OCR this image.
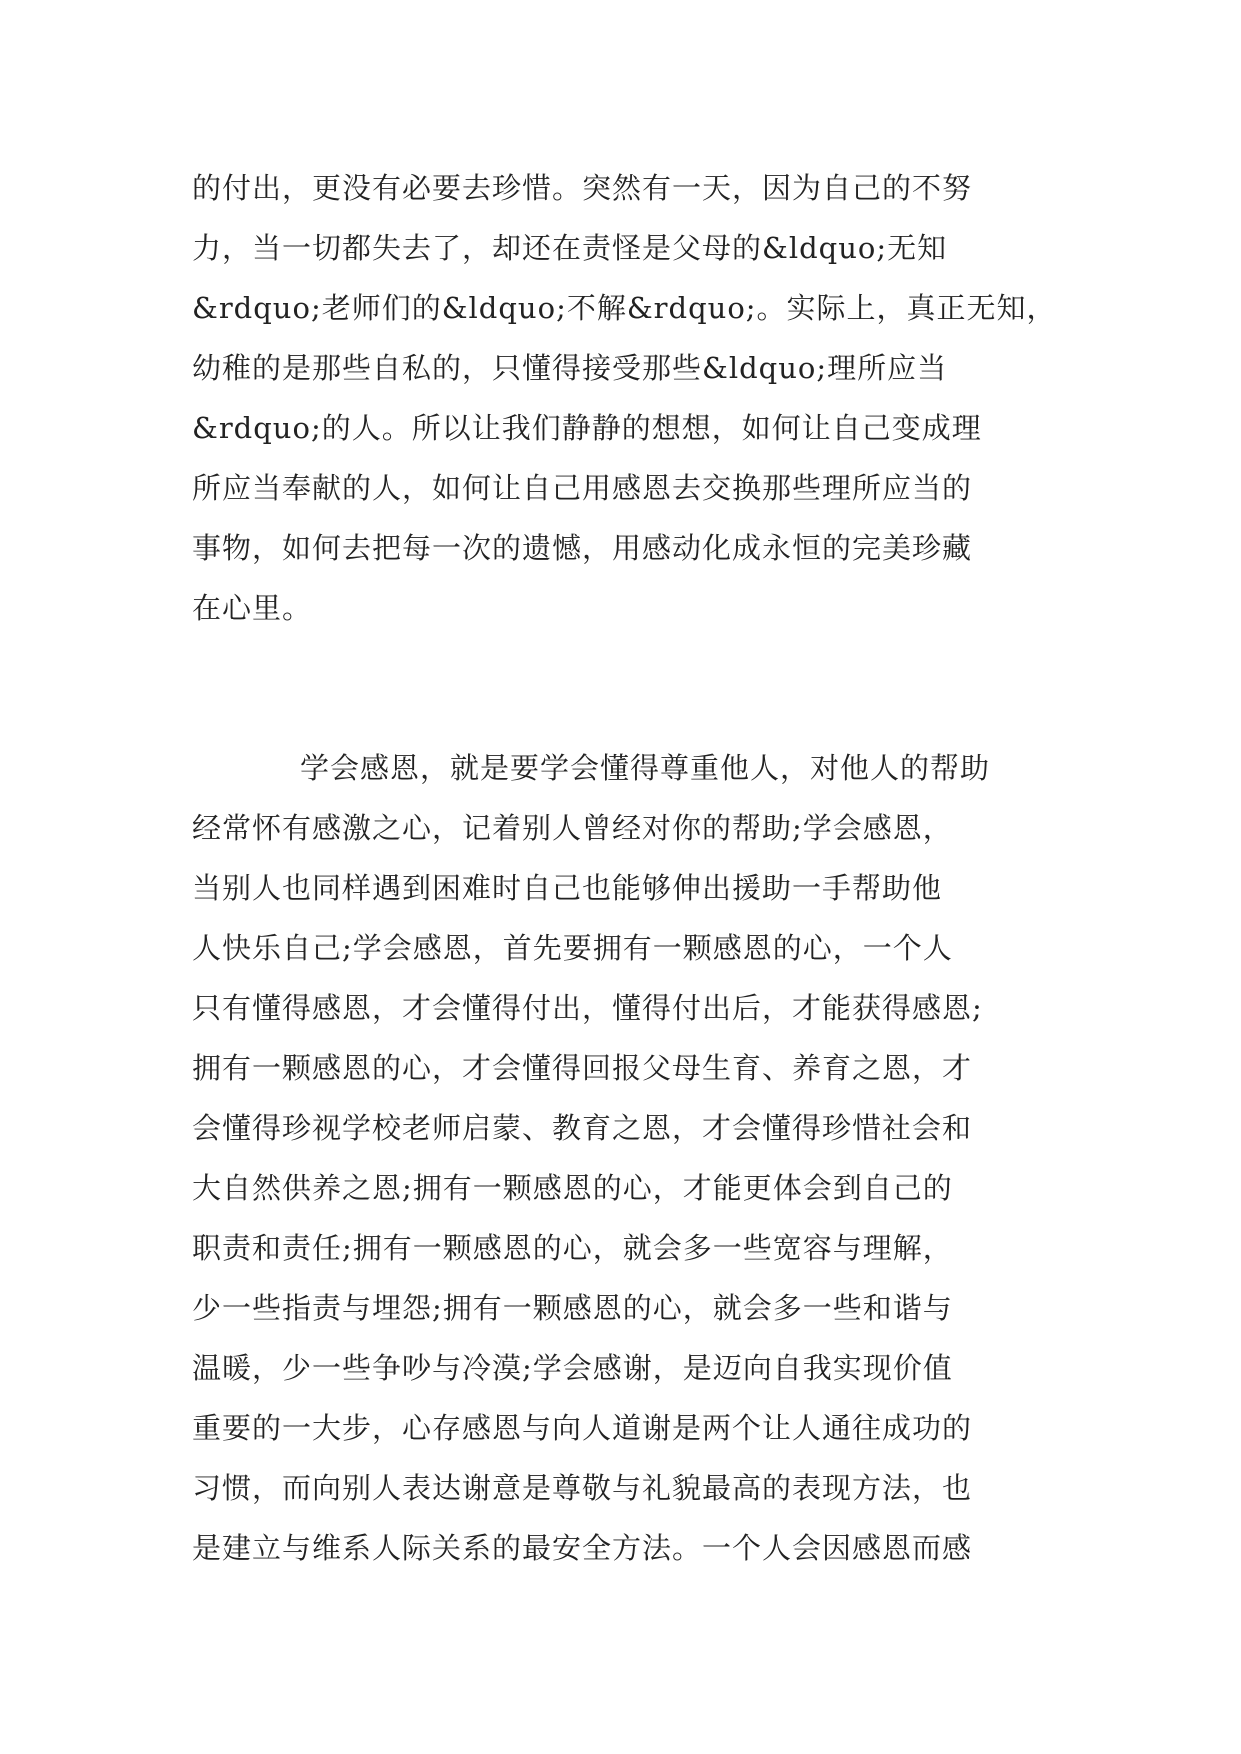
的付出，更没有必要去珍惜。突然有一天，因为自己的不努
力，当一切都失去了，却还在责怪是父母的&ldquo;无知
&rdquo;老师们的&ldquo;不解&rdquo;。实际上，真正无知，
幼稚的是那些自私的，只懂得接受那些&ldquo;理所应当
&rdquo;的人。所以让我们静静的想想，如何让自己变成理
所应当奉献的人，如何让自己用感恩去交换那些理所应当的
事物，如何去把每一次的遗憾，用感动化成永恒的完美珍藏
在心里。
学会感恩，就是要学会懂得尊重他人，对他人的帮助
经常怀有感激之心，记着别人曾经对你的帮助;学会感恩，
当别人也同样遇到困难时自己也能够伸出援助一手帮助他
人快乐自己;学会感恩，首先要拥有一颗感恩的心，一个人
只有懂得感恩，才会懂得付出，懂得付出后，才能获得感恩;
拥有一颗感恩的心，才会懂得回报父母生育、养育之恩，才
会懂得珍视学校老师启蒙、教育之恩，才会懂得珍惜社会和
大自然供养之恩;拥有一颗感恩的心，才能更体会到自己的
职责和责任;拥有一颗感恩的心，就会多一些宽容与理解，
少一些指责与埋怨;拥有一颗感恩的心，就会多一些和谐与
温暖，少一些争吵与冷漠;学会感谢，是迈向自我实现价值
重要的一大步，心存感恩与向人道谢是两个让人通往成功的
习惯，而向别人表达谢意是尊敬与礼貌最高的表现方法，也
是建立与维系人际关系的最安全方法。一个人会因感恩而感
